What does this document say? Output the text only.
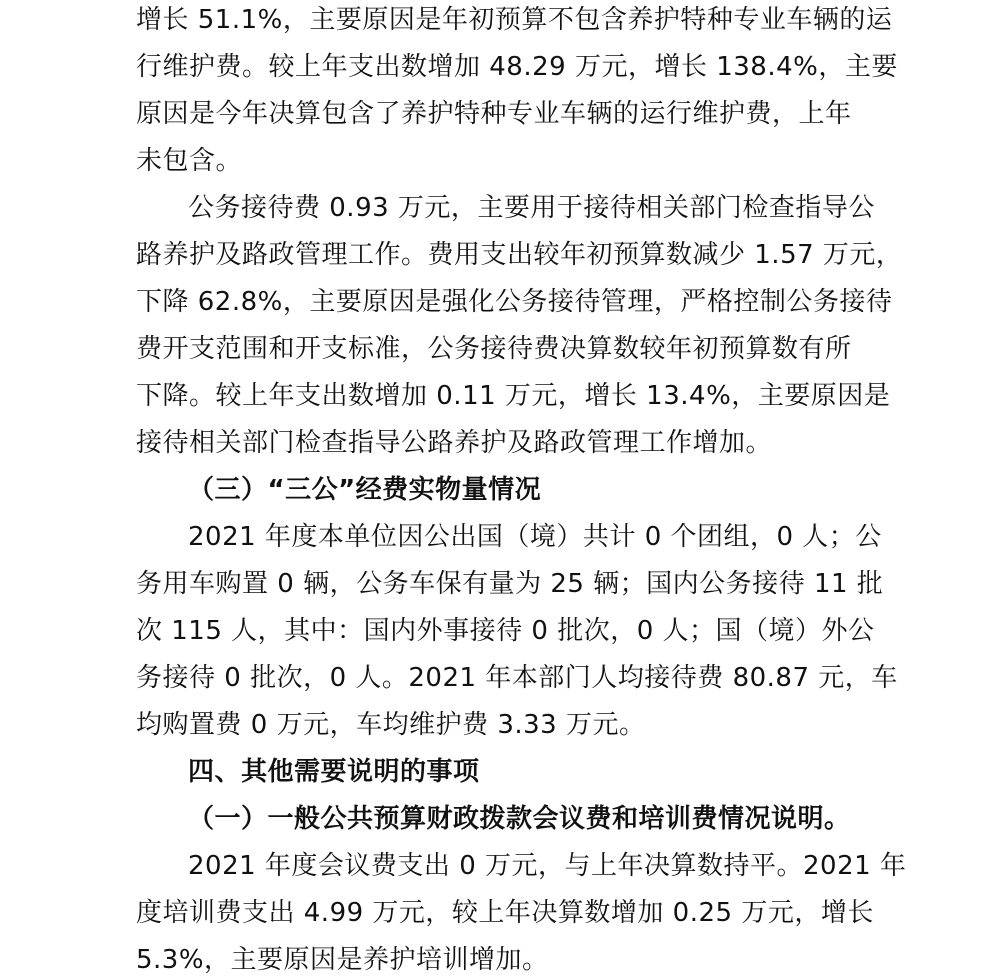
增长 51.1%，主要原因是年初预算不包含养护特种专业车辆的运
行维护费。较上年支出数增加 48.29 万元，增长 138.4%，主要
原因是今年决算包含了养护特种专业车辆的运行维护费，上年
未包含。
公务接待费 0.93 万元，主要用于接待相关部门检查指导公
路养护及路政管理工作。费用支出较年初预算数减少 1.57 万元，
下降 62.8%，主要原因是强化公务接待管理，严格控制公务接待
费开支范围和开支标准，公务接待费决算数较年初预算数有所
下降。较上年支出数增加 0.11 万元，增长 13.4%，主要原因是
接待相关部门检查指导公路养护及路政管理工作增加。
（三）“三公”经费实物量情况
2021 年度本单位因公出国（境）共计 0 个团组，0 人；公
务用车购置 0 辆，公务车保有量为 25 辆；国内公务接待 11 批
次 115 人，其中：国内外事接待 0 批次，0 人；国（境）外公
务接待 0 批次，0 人。2021 年本部门人均接待费 80.87 元，车
均购置费 0 万元，车均维护费 3.33 万元。
四、其他需要说明的事项
（一）一般公共预算财政拨款会议费和培训费情况说明。
2021 年度会议费支出 0 万元，与上年决算数持平。2021 年
度培训费支出 4.99 万元，较上年决算数增加 0.25 万元，增长
5.3%，主要原因是养护培训增加。
